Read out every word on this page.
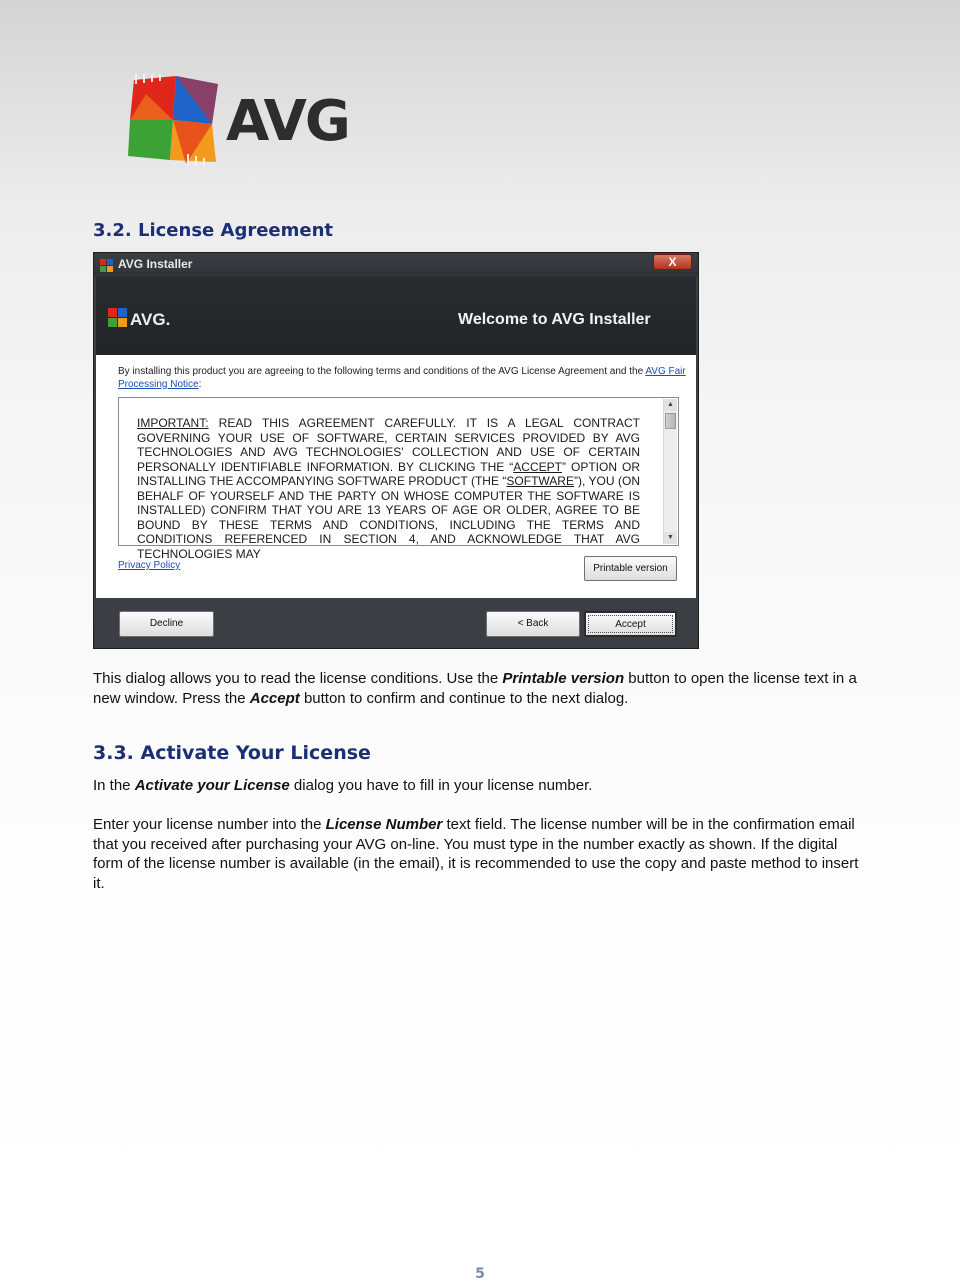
AVG
3.2. License Agreement
AVG Installer	X
AVG.	Welcome to AVG Installer
By installing this product you are agreeing to the following terms and conditions of the AVG License Agreement and the AVG Fair Processing Notice:
IMPORTANT: READ THIS AGREEMENT CAREFULLY. IT IS A LEGAL CONTRACT GOVERNING YOUR USE OF SOFTWARE, CERTAIN SERVICES PROVIDED BY AVG TECHNOLOGIES AND AVG TECHNOLOGIES' COLLECTION AND USE OF CERTAIN PERSONALLY IDENTIFIABLE INFORMATION. BY CLICKING THE “ACCEPT” OPTION OR INSTALLING THE ACCOMPANYING SOFTWARE PRODUCT (THE “SOFTWARE”), YOU (ON BEHALF OF YOURSELF AND THE PARTY ON WHOSE COMPUTER THE SOFTWARE IS INSTALLED) CONFIRM THAT YOU ARE 13 YEARS OF AGE OR OLDER, AGREE TO BE BOUND BY THESE TERMS AND CONDITIONS, INCLUDING THE TERMS AND CONDITIONS REFERENCED IN SECTION 4, AND ACKNOWLEDGE THAT AVG TECHNOLOGIES MAY
▲
▼
Privacy Policy	Printable version
Decline	< Back	Accept

This dialog allows you to read the license conditions. Use the Printable version button to open the license text in a new window. Press the Accept button to confirm and continue to the next dialog.

3.3. Activate Your License

In the Activate your License dialog you have to fill in your license number.

Enter your license number into the License Number text field. The license number will be in the confirmation email that you received after purchasing your AVG on-line. You must type in the number exactly as shown. If the digital form of the license number is available (in the email), it is recommended to use the copy and paste method to insert it.

5
